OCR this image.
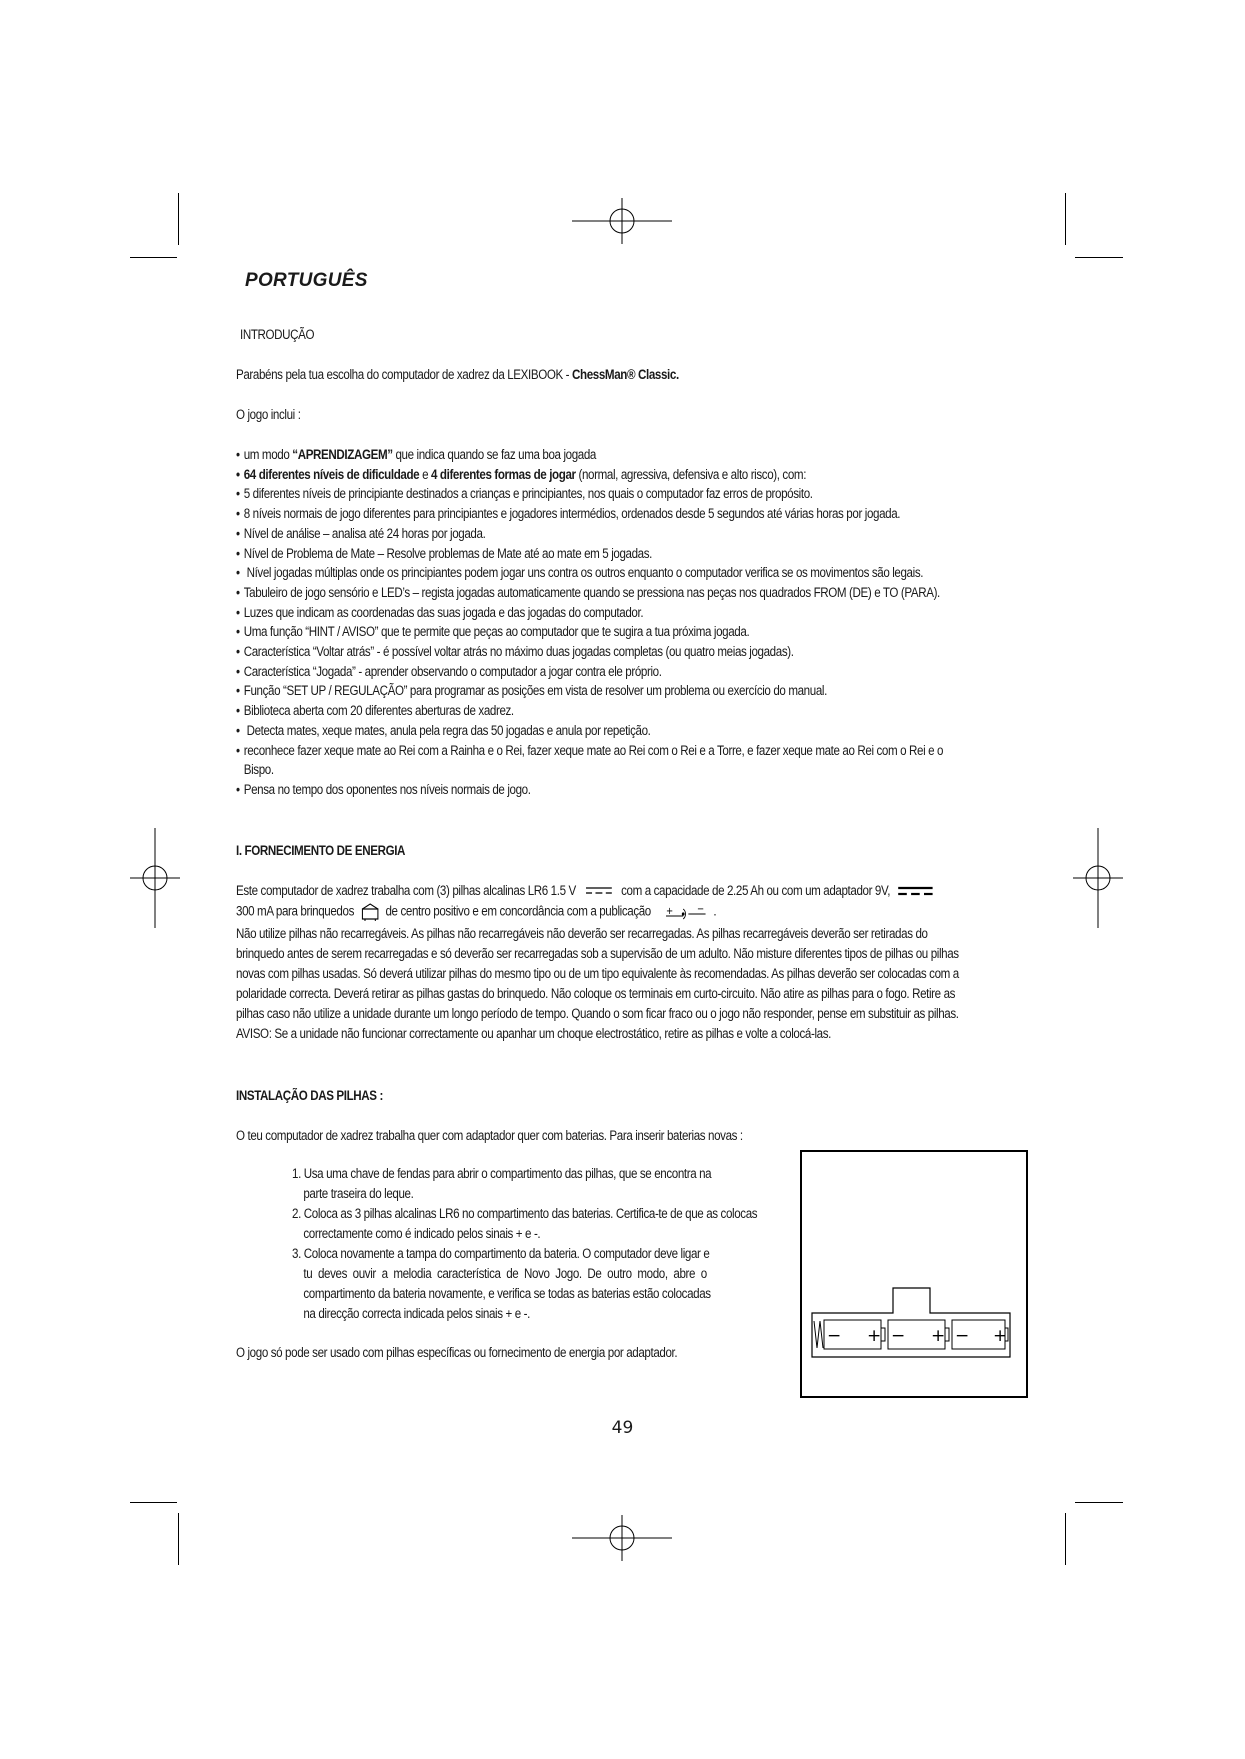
PORTUGUÊS
INTRODUÇÃO
Parabéns pela tua escolha do computador de xadrez da LEXIBOOK - ChessMan® Classic.
O jogo inclui :
• um modo “APRENDIZAGEM” que indica quando se faz uma boa jogada
• 64 diferentes níveis de dificuldade e 4 diferentes formas de jogar (normal, agressiva, defensiva e alto risco), com:
• 5 diferentes níveis de principiante destinados a crianças e principiantes, nos quais o computador faz erros de propósito.
• 8 níveis normais de jogo diferentes para principiantes e jogadores intermédios, ordenados desde 5 segundos até várias horas por jogada.
• Nível de análise – analisa até 24 horas por jogada.
• Nível de Problema de Mate – Resolve problemas de Mate até ao mate em 5 jogadas.
• Nível jogadas múltiplas onde os principiantes podem jogar uns contra os outros enquanto o computador verifica se os movimentos são legais.
• Tabuleiro de jogo sensório e LED’s – regista jogadas automaticamente quando se pressiona nas peças nos quadrados FROM (DE) e TO (PARA).
• Luzes que indicam as coordenadas das suas jogada e das jogadas do computador.
• Uma função “HINT / AVISO” que te permite que peças ao computador que te sugira a tua próxima jogada.
• Característica “Voltar atrás” - é possível voltar atrás no máximo duas jogadas completas (ou quatro meias jogadas).
• Característica “Jogada” - aprender observando o computador a jogar contra ele próprio.
• Função “SET UP / REGULAÇÃO” para programar as posições em vista de resolver um problema ou exercício do manual.
• Biblioteca aberta com 20 diferentes aberturas de xadrez.
• Detecta mates, xeque mates, anula pela regra das 50 jogadas e anula por repetição.
• reconhece fazer xeque mate ao Rei com a Rainha e o Rei, fazer xeque mate ao Rei com o Rei e a Torre, e fazer xeque mate ao Rei com o Rei e o
Bispo.
• Pensa no tempo dos oponentes nos níveis normais de jogo.
I. FORNECIMENTO DE ENERGIA
Este computador de xadrez trabalha com (3) pilhas alcalinas LR6 1.5 V	com a capacidade de 2.25 Ah ou com um adaptador 9V,
300 mA para brinquedos de centro positivo e em concordância com a publicação + − .
Não utilize pilhas não recarregáveis. As pilhas não recarregáveis não deverão ser recarregadas. As pilhas recarregáveis deverão ser retiradas do
brinquedo antes de serem recarregadas e só deverão ser recarregadas sob a supervisão de um adulto. Não misture diferentes tipos de pilhas ou pilhas
novas com pilhas usadas. Só deverá utilizar pilhas do mesmo tipo ou de um tipo equivalente às recomendadas. As pilhas deverão ser colocadas com a
polaridade correcta. Deverá retirar as pilhas gastas do brinquedo. Não coloque os terminais em curto-circuito. Não atire as pilhas para o fogo. Retire as
pilhas caso não utilize a unidade durante um longo período de tempo. Quando o som ficar fraco ou o jogo não responder, pense em substituir as pilhas.
AVISO: Se a unidade não funcionar correctamente ou apanhar um choque electrostático, retire as pilhas e volte a colocá-las.
INSTALAÇÃO DAS PILHAS :
O teu computador de xadrez trabalha quer com adaptador quer com baterias. Para inserir baterias novas :
1. Usa uma chave de fendas para abrir o compartimento das pilhas, que se encontra na
parte traseira do leque.
2. Coloca as 3 pilhas alcalinas LR6 no compartimento das baterias. Certifica-te de que as colocas
correctamente como é indicado pelos sinais + e -.
3. Coloca novamente a tampa do compartimento da bateria. O computador deve ligar e
tu  deves  ouvir  a  melodia  característica  de  Novo  Jogo.  De  outro  modo,  abre  o
compartimento da bateria novamente, e verifica se todas as baterias estão colocadas
na direcção correcta indicada pelos sinais + e -.
O jogo só pode ser usado com pilhas específicas ou fornecimento de energia por adaptador.
− + − + − +
49
